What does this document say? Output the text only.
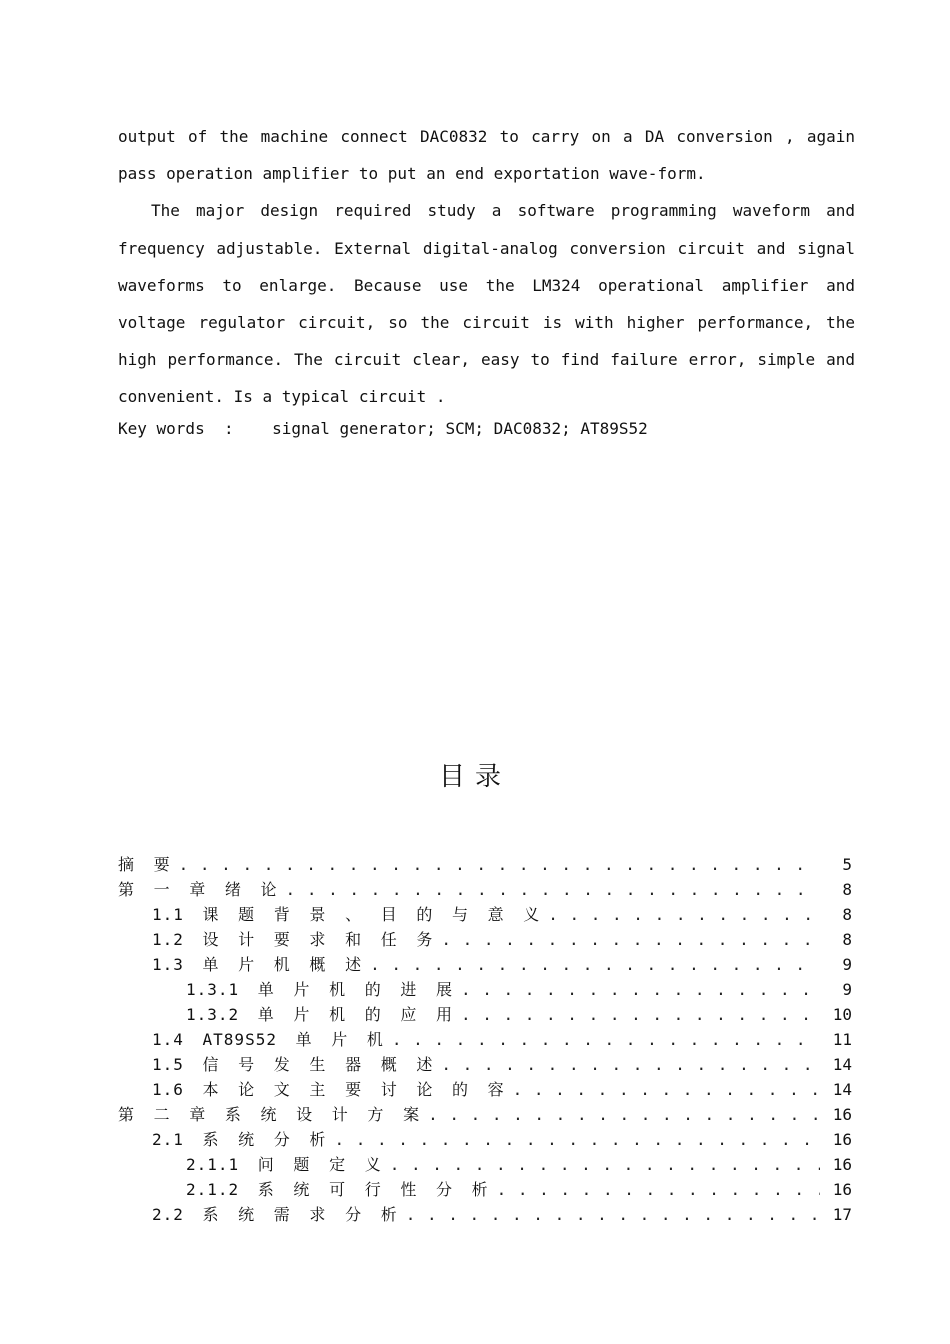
output of the machine connect DAC0832 to carry on a DA conversion , again

pass operation amplifier to put an end exportation wave-form.

The major design required study a software programming waveform and frequency adjustable. External digital-analog conversion circuit and signal waveforms to enlarge. Because use the LM324 operational amplifier and voltage regulator circuit, so the circuit is with higher performance, the high performance. The circuit clear, easy to find failure error, simple and convenient. Is a typical circuit .

Key words  : signal generator; SCM; DAC0832; AT89S52

目录
摘 要 . . .	5
第 一 章 绪 论 . . .	8
1.1 课 题 背 景 、 目 的 与 意 义 . . .	8
1.2 设 计 要 求 和 任 务 . . .	8
1.3 单 片 机 概 述 . . .	9
1.3.1 单 片 机 的 进 展 . . .	9
1.3.2 单 片 机 的 应 用 . . .	10
1.4 AT89S52 单 片 机 . . .	11
1.5 信 号 发 生 器 概 述 . . .	14
1.6 本 论 文 主 要 讨 论 的 容 . . .	14
第 二 章 系 统 设 计 方 案 . . .	16
2.1 系 统 分 析 . . .	16
2.1.1 问 题 定 义 . . .	16
2.1.2 系 统 可 行 性 分 析 . . .	16
2.2 系 统 需 求 分 析 . . .	17
